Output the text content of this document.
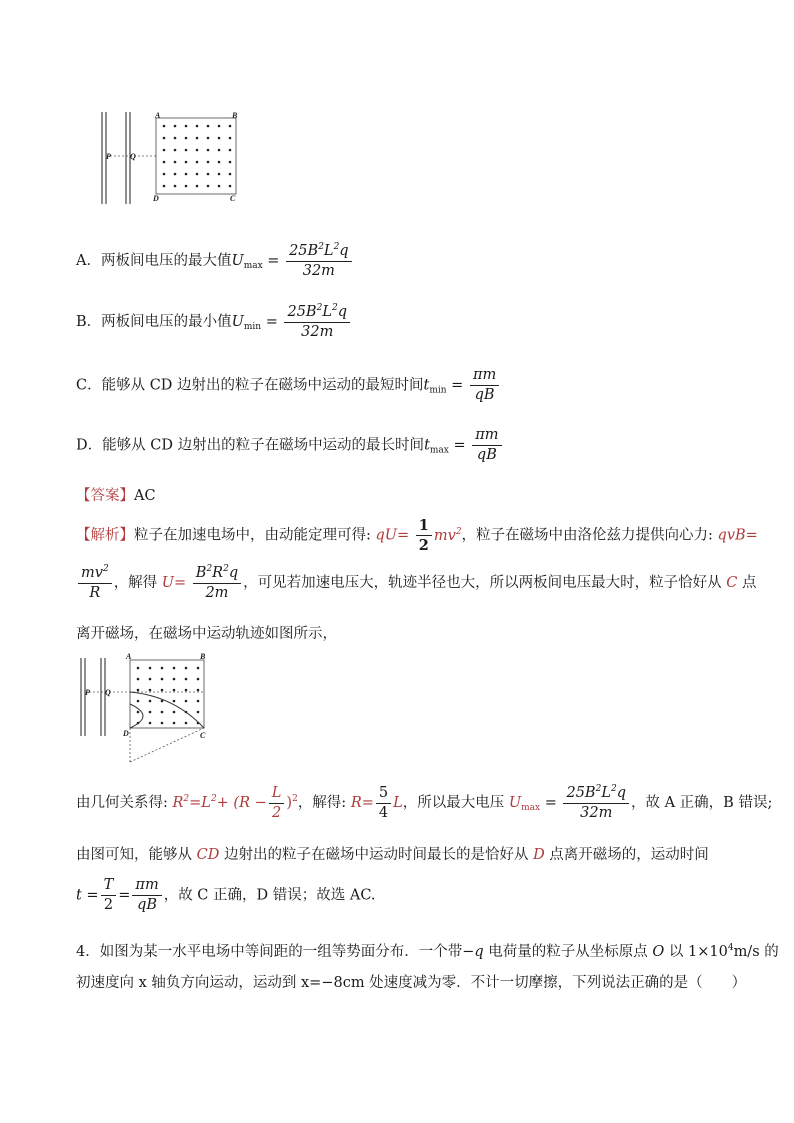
A	B
C
D
P Q
A．两板间电压的最大值$U_{max} = \frac{25B^2L^2q}{32m}$
B．两板间电压的最小值$U_{min} = \frac{25B^2L^2q}{32m}$
C．能够从 CD 边射出的粒子在磁场中运动的最短时间$t_{min} = \frac{\pi m}{qB}$
D．能够从 CD 边射出的粒子在磁场中运动的最长时间$t_{max} = \frac{\pi m}{qB}$
【答案】AC
【解析】粒子在加速电场中，由动能定理可得: $qU= \frac{1}{2} mv^2$，粒子在磁场中由洛伦兹力提供向心力: qvB=
$\frac{mv^2}{R}$ ，解得 $U= \frac{B^2R^2q}{2m}$ ，可见若加速电压大，轨迹半径也大，所以两板间电压最大时，粒子恰好从 C 点
离开磁场，在磁场中运动轨迹如图所示，
A	B
C
D
P Q
由几何关系得: $R^2=L^2+ (R - \frac{L}{2} )^2$，解得: $R= \frac{5}{4}$ L，所以最大电压 $U_{max} = \frac{25B^2L^2q}{32m}$ ，故 A 正确，B 错误;
由图可知，能够从 CD 边射出的粒子在磁场中运动时间最长的是恰好从 D 点离开磁场的，运动时间
$t = \frac{T}{2} = \frac{\pi m}{qB}$ ，故 C 正确，D 错误；故选 AC.
4．如图为某一水平电场中等间距的一组等势面分布．一个带−q 电荷量的粒子从坐标原点 O 以 $1\times 10^4m/s$ 的
初速度向 x 轴负方向运动，运动到 x=−8cm 处速度减为零．不计一切摩擦，下列说法正确的是（　　）
